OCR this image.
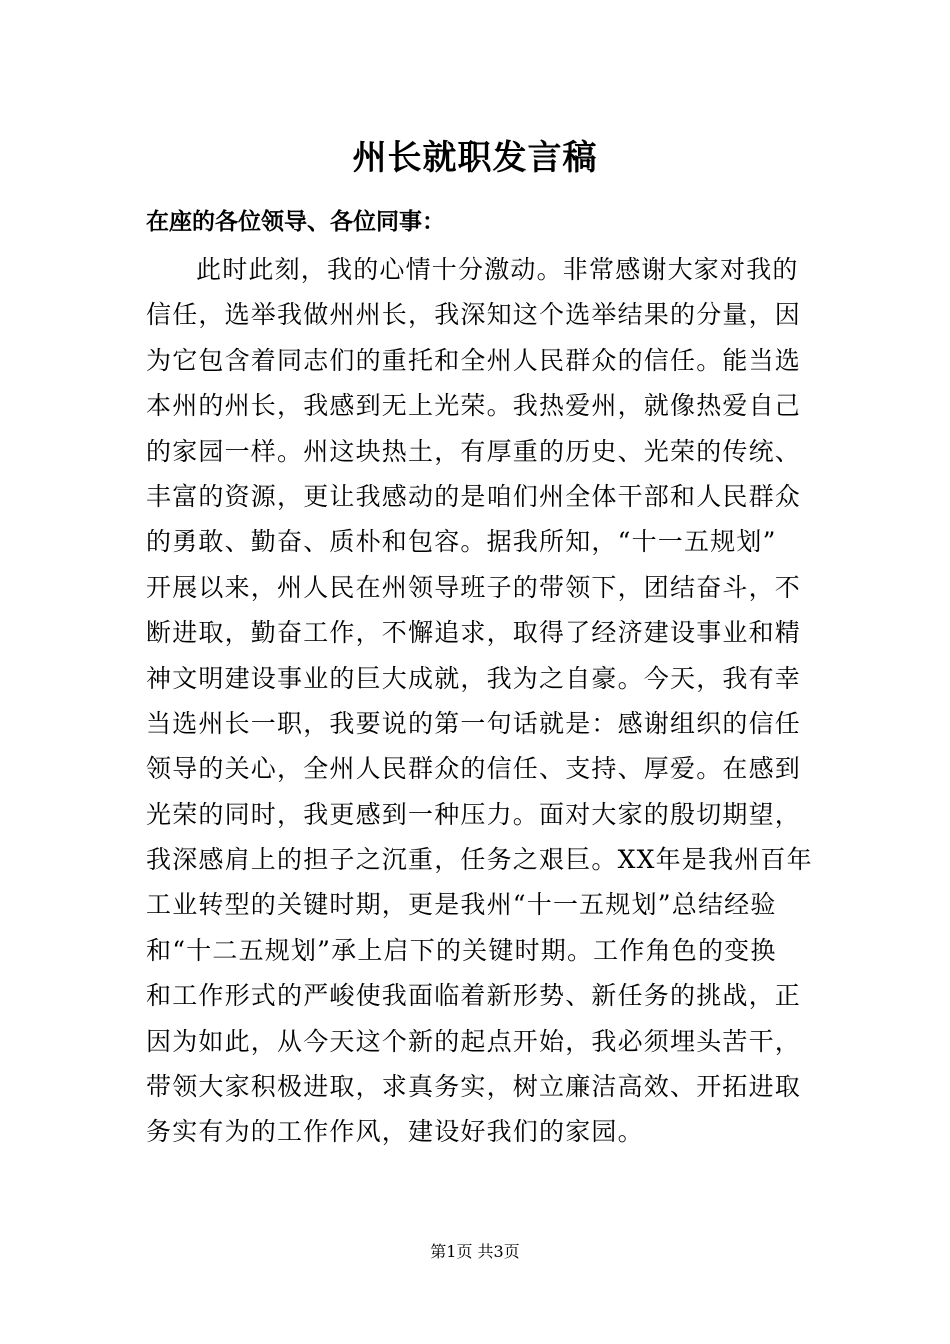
州长就职发言稿
在座的各位领导、各位同事：
此时此刻，我的心情十分激动。非常感谢大家对我的
信任，选举我做州州长，我深知这个选举结果的分量，因
为它包含着同志们的重托和全州人民群众的信任。能当选
本州的州长，我感到无上光荣。我热爱州，就像热爱自己
的家园一样。州这块热土，有厚重的历史、光荣的传统、
丰富的资源，更让我感动的是咱们州全体干部和人民群众
的勇敢、勤奋、质朴和包容。据我所知，“十一五规划”
开展以来，州人民在州领导班子的带领下，团结奋斗，不
断进取，勤奋工作，不懈追求，取得了经济建设事业和精
神文明建设事业的巨大成就，我为之自豪。今天，我有幸
当选州长一职，我要说的第一句话就是：感谢组织的信任
领导的关心，全州人民群众的信任、支持、厚爱。在感到
光荣的同时，我更感到一种压力。面对大家的殷切期望，
我深感肩上的担子之沉重，任务之艰巨。XX年是我州百年
工业转型的关键时期，更是我州“十一五规划”总结经验
和“十二五规划”承上启下的关键时期。工作角色的变换
和工作形式的严峻使我面临着新形势、新任务的挑战，正
因为如此，从今天这个新的起点开始，我必须埋头苦干，
带领大家积极进取，求真务实，树立廉洁高效、开拓进取
务实有为的工作作风，建设好我们的家园。
第1页 共3页
